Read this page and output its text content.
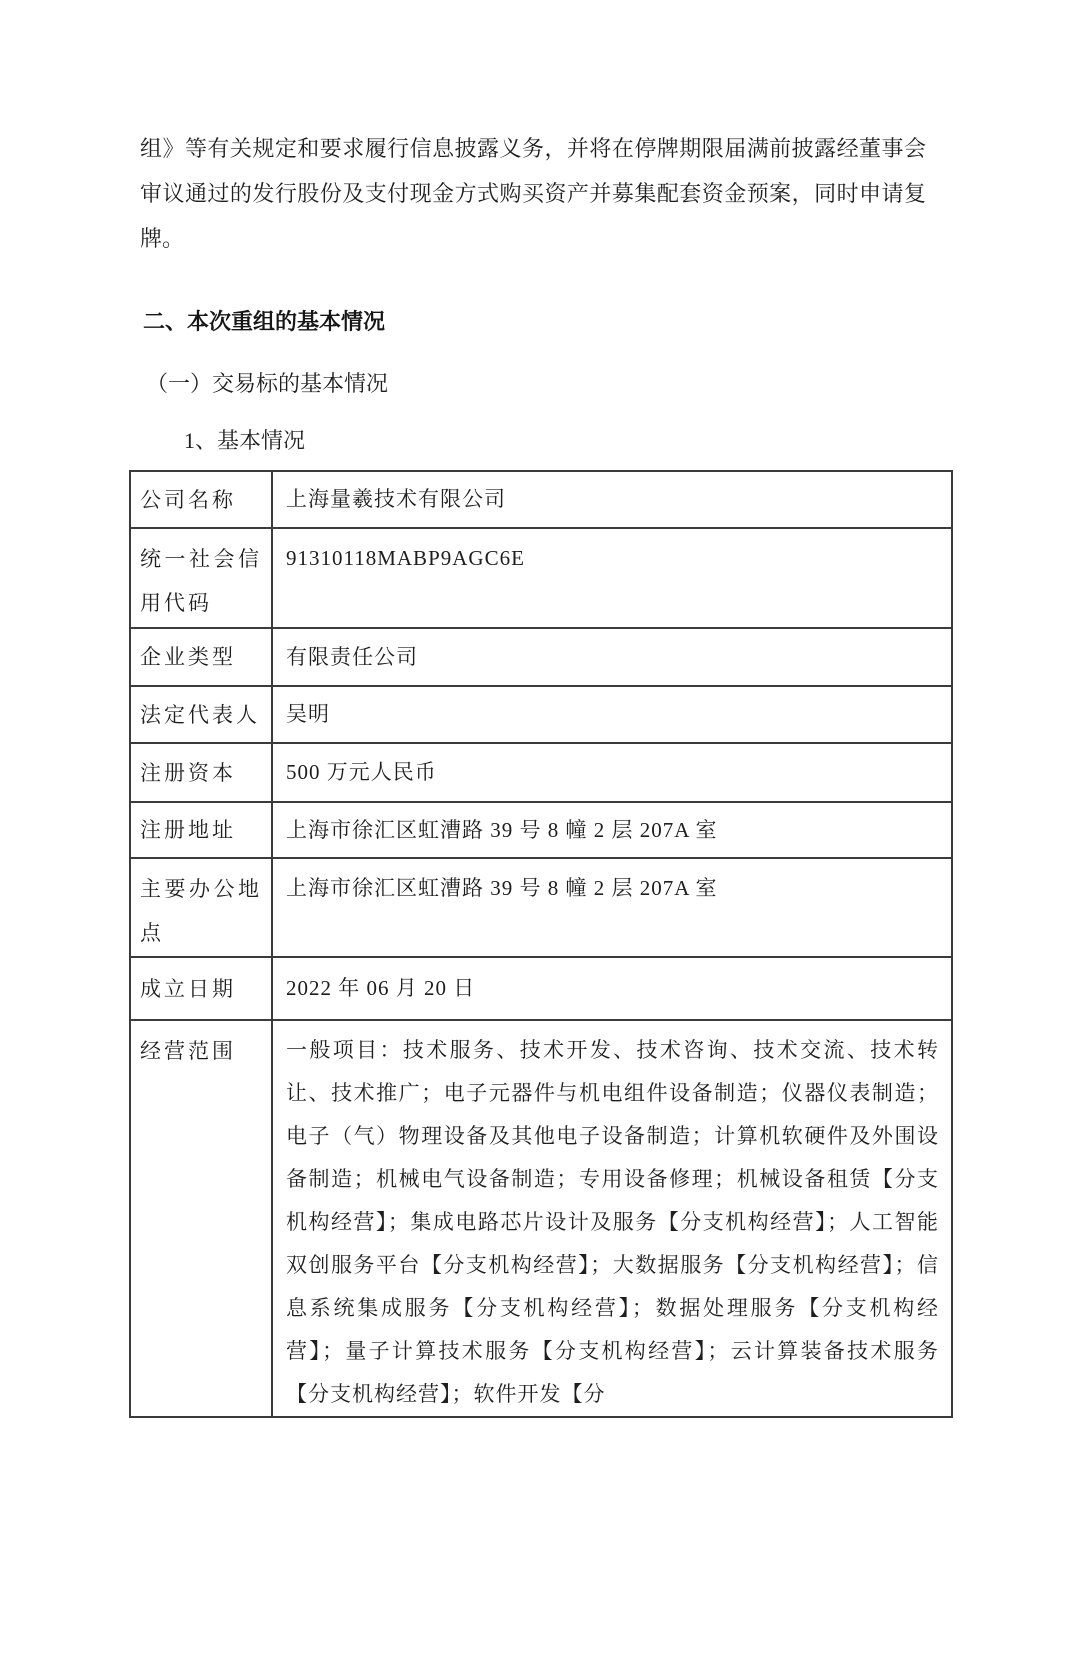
组》等有关规定和要求履行信息披露义务，并将在停牌期限届满前披露经董事会审议通过的发行股份及支付现金方式购买资产并募集配套资金预案，同时申请复牌。

二、本次重组的基本情况
（一）交易标的基本情况
1、基本情况
公司名称	上海量羲技术有限公司
统一社会信用代码	91310118MABP9AGC6E
企业类型	有限责任公司
法定代表人	吴明
注册资本	500 万元人民币
注册地址	上海市徐汇区虹漕路 39 号 8 幢 2 层 207A 室
主要办公地点	上海市徐汇区虹漕路 39 号 8 幢 2 层 207A 室
成立日期	2022 年 06 月 20 日
经营范围	一般项目：技术服务、技术开发、技术咨询、技术交流、技术转让、技术推广；电子元器件与机电组件设备制造；仪器仪表制造；电子（气）物理设备及其他电子设备制造；计算机软硬件及外围设备制造；机械电气设备制造；专用设备修理；机械设备租赁【分支机构经营】；集成电路芯片设计及服务【分支机构经营】；人工智能双创服务平台【分支机构经营】；大数据服务【分支机构经营】；信息系统集成服务【分支机构经营】；数据处理服务【分支机构经营】；量子计算技术服务【分支机构经营】；云计算装备技术服务【分支机构经营】；软件开发【分
